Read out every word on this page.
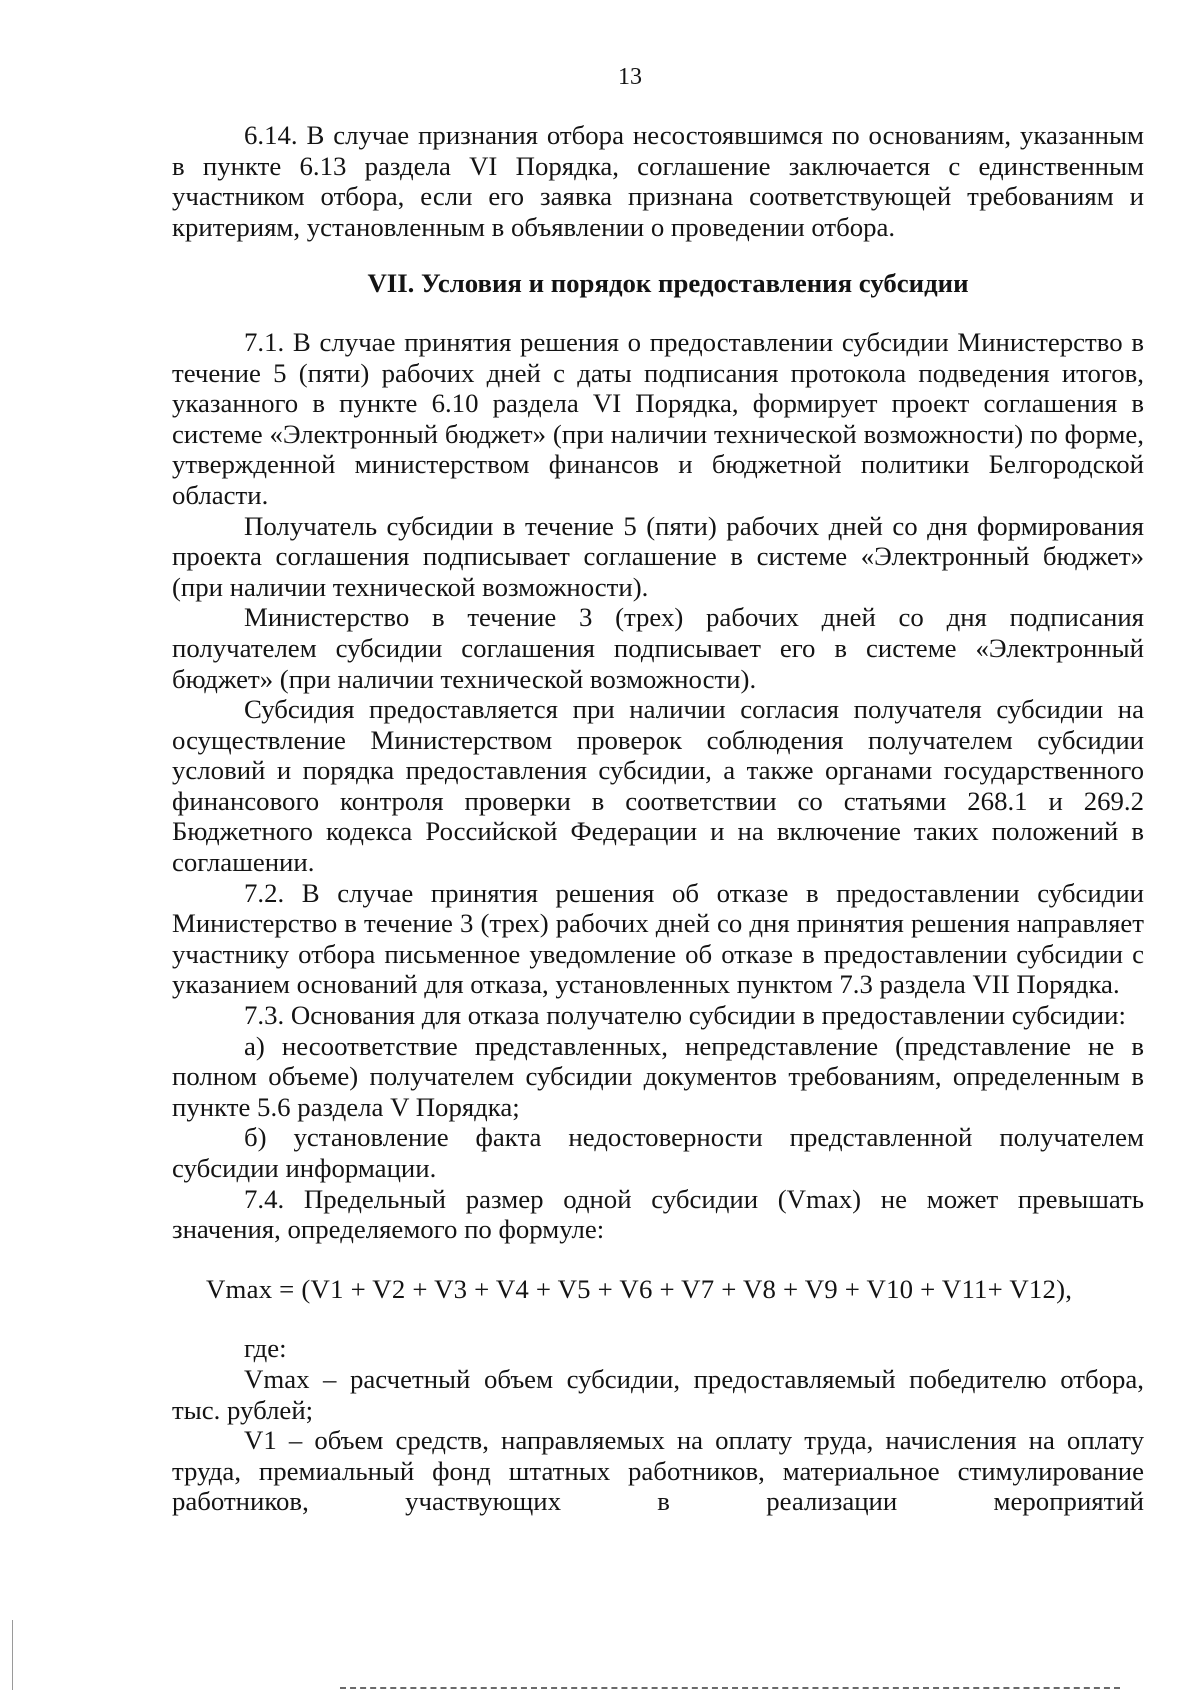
13

6.14. В случае признания отбора несостоявшимся по основаниям, указанным в пункте 6.13 раздела VI Порядка, соглашение заключается с единственным участником отбора, если его заявка признана соответствующей требованиям и критериям, установленным в объявлении о проведении отбора.

VII. Условия и порядок предоставления субсидии

7.1. В случае принятия решения о предоставлении субсидии Министерство в течение 5 (пяти) рабочих дней с даты подписания протокола подведения итогов, указанного в пункте 6.10 раздела VI Порядка, формирует проект соглашения в системе «Электронный бюджет» (при наличии технической возможности) по форме, утвержденной министерством финансов и бюджетной политики Белгородской области.

Получатель субсидии в течение 5 (пяти) рабочих дней со дня формирования проекта соглашения подписывает соглашение в системе «Электронный бюджет» (при наличии технической возможности).

Министерство в течение 3 (трех) рабочих дней со дня подписания получателем субсидии соглашения подписывает его в системе «Электронный бюджет» (при наличии технической возможности).

Субсидия предоставляется при наличии согласия получателя субсидии на осуществление Министерством проверок соблюдения получателем субсидии условий и порядка предоставления субсидии, а также органами государственного финансового контроля проверки в соответствии со статьями 268.1 и 269.2 Бюджетного кодекса Российской Федерации и на включение таких положений в соглашении.

7.2. В случае принятия решения об отказе в предоставлении субсидии Министерство в течение 3 (трех) рабочих дней со дня принятия решения направляет участнику отбора письменное уведомление об отказе в предоставлении субсидии с указанием оснований для отказа, установленных пунктом 7.3 раздела VII Порядка.

7.3. Основания для отказа получателю субсидии в предоставлении субсидии:

а) несоответствие представленных, непредставление (представление не в полном объеме) получателем субсидии документов требованиям, определенным в пункте 5.6 раздела V Порядка;

б) установление факта недостоверности представленной получателем субсидии информации.

7.4. Предельный размер одной субсидии (Vmax) не может превышать значения, определяемого по формуле:

Vmax = (V1 + V2 + V3 + V4 + V5 + V6 + V7 + V8 + V9 + V10 + V11+ V12),

где:

Vmax – расчетный объем субсидии, предоставляемый победителю отбора, тыс. рублей;

V1 – объем средств, направляемых на оплату труда, начисления на оплату труда, премиальный фонд штатных работников, материальное стимулирование работников, участвующих в реализации мероприятий
